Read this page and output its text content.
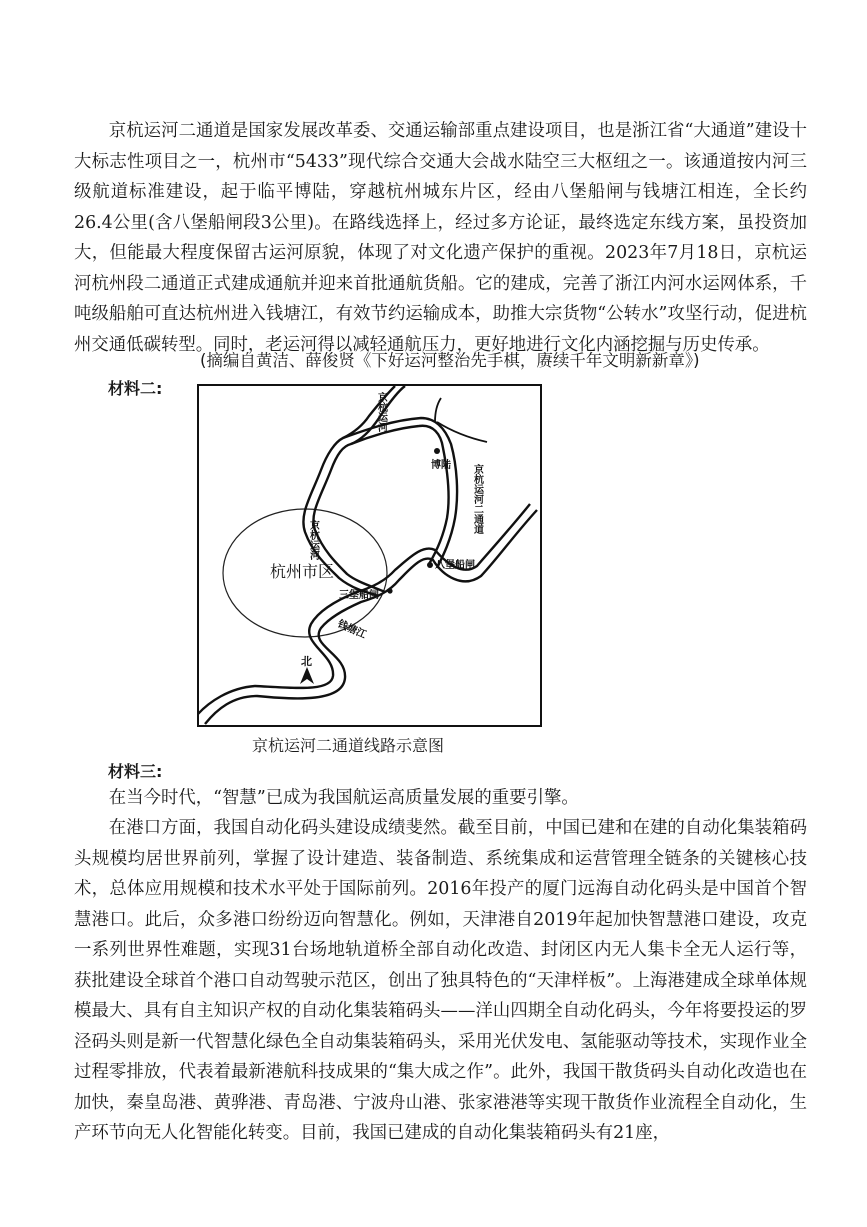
京杭运河二通道是国家发展改革委、交通运输部重点建设项目，也是浙江省“大通道”建设十大标志性项目之一，杭州市“5433”现代综合交通大会战水陆空三大枢纽之一。该通道按内河三级航道标准建设，起于临平博陆，穿越杭州城东片区，经由八堡船闸与钱塘江相连，全长约26.4公里(含八堡船闸段3公里)。在路线选择上，经过多方论证，最终选定东线方案，虽投资加大，但能最大程度保留古运河原貌，体现了对文化遗产保护的重视。2023年7月18日，京杭运河杭州段二通道正式建成通航并迎来首批通航货船。它的建成，完善了浙江内河水运网体系，千吨级船舶可直达杭州进入钱塘江，有效节约运输成本，助推大宗货物“公转水”攻坚行动，促进杭州交通低碳转型。同时，老运河得以减轻通航压力，更好地进行文化内涵挖掘与历史传承。

(摘编自黄洁、薛俊贤《下好运河整治先手棋，赓续千年文明新新章》)
材料二:
京杭运河
博陆 京杭运河二通道
京杭运河
杭州市区	八堡船闸
三堡船闸
钱塘江
北
京杭运河二通道线路示意图
材料三:

在当今时代，“智慧”已成为我国航运高质量发展的重要引擎。

在港口方面，我国自动化码头建设成绩斐然。截至目前，中国已建和在建的自动化集装箱码头规模均居世界前列，掌握了设计建造、装备制造、系统集成和运营管理全链条的关键核心技术，总体应用规模和技术水平处于国际前列。2016年投产的厦门远海自动化码头是中国首个智慧港口。此后，众多港口纷纷迈向智慧化。例如，天津港自2019年起加快智慧港口建设，攻克一系列世界性难题，实现31台场地轨道桥全部自动化改造、封闭区内无人集卡全无人运行等，获批建设全球首个港口自动驾驶示范区，创出了独具特色的“天津样板”。上海港建成全球单体规模最大、具有自主知识产权的自动化集装箱码头——洋山四期全自动化码头，今年将要投运的罗泾码头则是新一代智慧化绿色全自动集装箱码头，采用光伏发电、氢能驱动等技术，实现作业全过程零排放，代表着最新港航科技成果的“集大成之作”。此外，我国干散货码头自动化改造也在加快，秦皇岛港、黄骅港、青岛港、宁波舟山港、张家港港等实现干散货作业流程全自动化，生产环节向无人化智能化转变。目前，我国已建成的自动化集装箱码头有21座，
